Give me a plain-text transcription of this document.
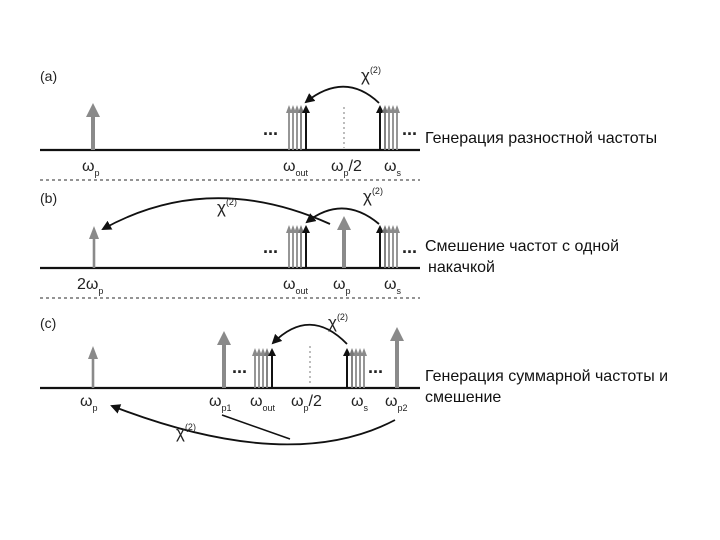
(a)
...	...
$\chi^{(2)}$
$\omega_p$	$\omega_{out}$ $\omega_p/2$ $\omega_s$
(b)
...	...
$\chi^{(2)}$	$\chi^{(2)}$
$2\omega_p$	$\omega_{out}$ $\omega_p$ $\omega_s$
(c)
...	...
$\chi^{(2)}$
$\chi^{(2)}$
$\omega_p$	$\omega_{p1}$ $\omega_{out}$ $\omega_p/2$ $\omega_s$ $\omega_{p2}$
Генерация разностной частоты
Смешение частот с одной
накачкой
Генерация суммарной частоты и
смешение
